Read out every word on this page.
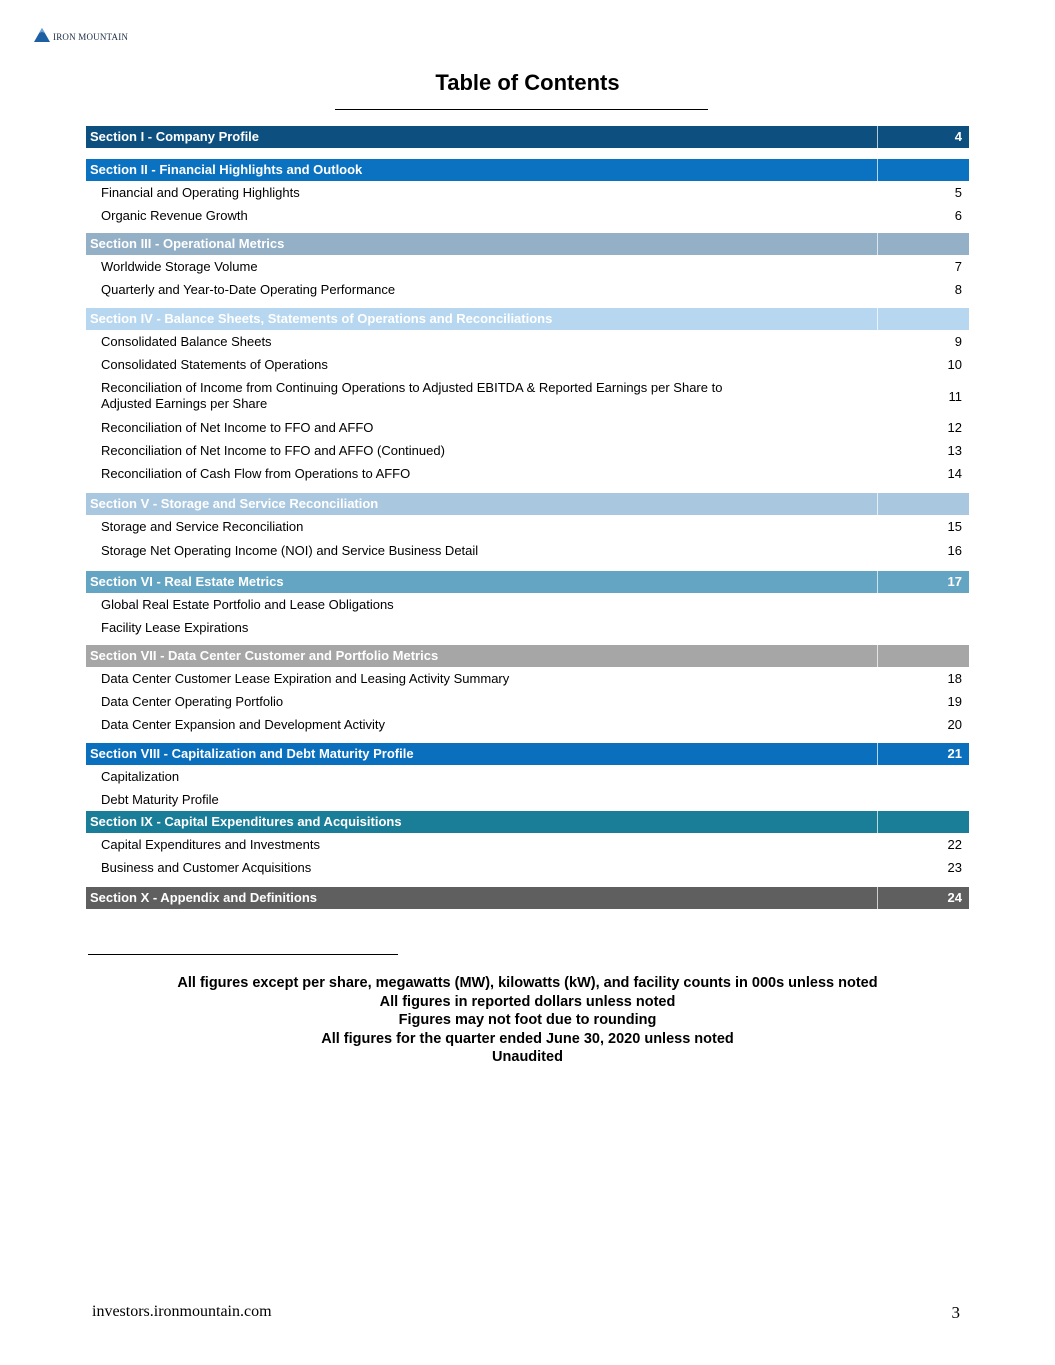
IRON MOUNTAIN
Table of Contents
Section I - Company Profile	4
Section II - Financial Highlights and Outlook
Financial and Operating Highlights	5
Organic Revenue Growth	6
Section III - Operational Metrics
Worldwide Storage Volume	7
Quarterly and Year-to-Date Operating Performance	8
Section IV - Balance Sheets, Statements of Operations and Reconciliations
Consolidated Balance Sheets	9
Consolidated Statements of Operations	10
Reconciliation of Income from Continuing Operations to Adjusted EBITDA & Reported Earnings per Share to Adjusted Earnings per Share	11
Reconciliation of Net Income to FFO and AFFO	12
Reconciliation of Net Income to FFO and AFFO (Continued)	13
Reconciliation of Cash Flow from Operations to AFFO	14
Section V - Storage and Service Reconciliation
Storage and Service Reconciliation	15
Storage Net Operating Income (NOI) and Service Business Detail	16
Section VI - Real Estate Metrics	17
Global Real Estate Portfolio and Lease Obligations
Facility Lease Expirations
Section VII - Data Center Customer and Portfolio Metrics
Data Center Customer Lease Expiration and Leasing Activity Summary	18
Data Center Operating Portfolio	19
Data Center Expansion and Development Activity	20
Section VIII - Capitalization and Debt Maturity Profile	21
Capitalization
Debt Maturity Profile
Section IX - Capital Expenditures and Acquisitions
Capital Expenditures and Investments	22
Business and Customer Acquisitions	23
Section X - Appendix and Definitions	24
All figures except per share, megawatts (MW), kilowatts (kW), and facility counts in 000s unless noted
All figures in reported dollars unless noted
Figures may not foot due to rounding
All figures for the quarter ended June 30, 2020 unless noted
Unaudited
investors.ironmountain.com	3
